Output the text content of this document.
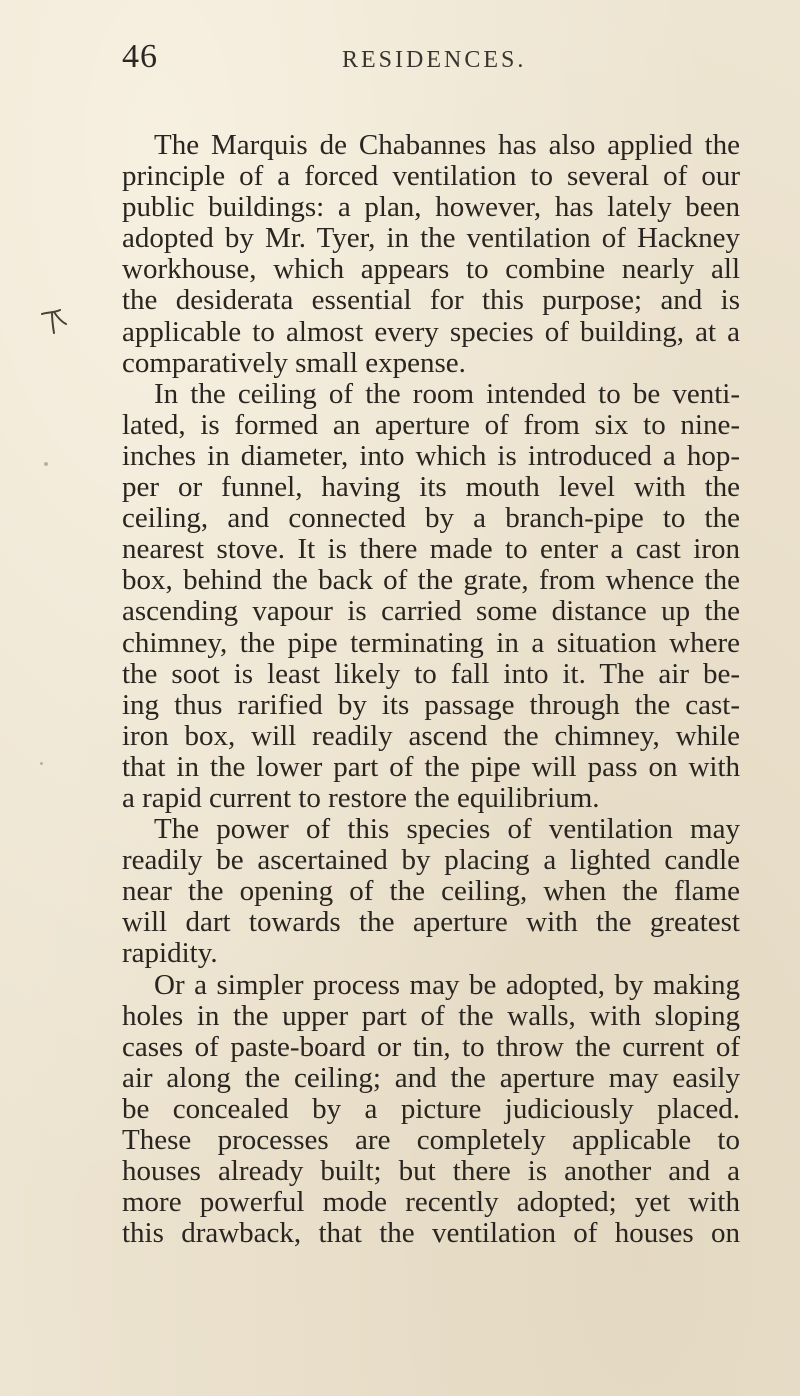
46	RESIDENCES.
The Marquis de Chabannes has also applied the
principle of a forced ventilation to several of our
public buildings: a plan, however, has lately been
adopted by Mr. Tyer, in the ventilation of Hackney
workhouse, which appears to combine nearly all
the desiderata essential for this purpose; and is
applicable to almost every species of building, at a
comparatively small expense.
In the ceiling of the room intended to be venti-
lated, is formed an aperture of from six to nine-
inches in diameter, into which is introduced a hop-
per or funnel, having its mouth level with the
ceiling, and connected by a branch-pipe to the
nearest stove. It is there made to enter a cast iron
box, behind the back of the grate, from whence the
ascending vapour is carried some distance up the
chimney, the pipe terminating in a situation where
the soot is least likely to fall into it. The air be-
ing thus rarified by its passage through the cast-
iron box, will readily ascend the chimney, while
that in the lower part of the pipe will pass on with
a rapid current to restore the equilibrium.
The power of this species of ventilation may
readily be ascertained by placing a lighted candle
near the opening of the ceiling, when the flame
will dart towards the aperture with the greatest
rapidity.
Or a simpler process may be adopted, by making
holes in the upper part of the walls, with sloping
cases of paste-board or tin, to throw the current of
air along the ceiling; and the aperture may easily
be concealed by a picture judiciously placed.
These processes are completely applicable to
houses already built; but there is another and a
more powerful mode recently adopted; yet with
this drawback, that the ventilation of houses on
